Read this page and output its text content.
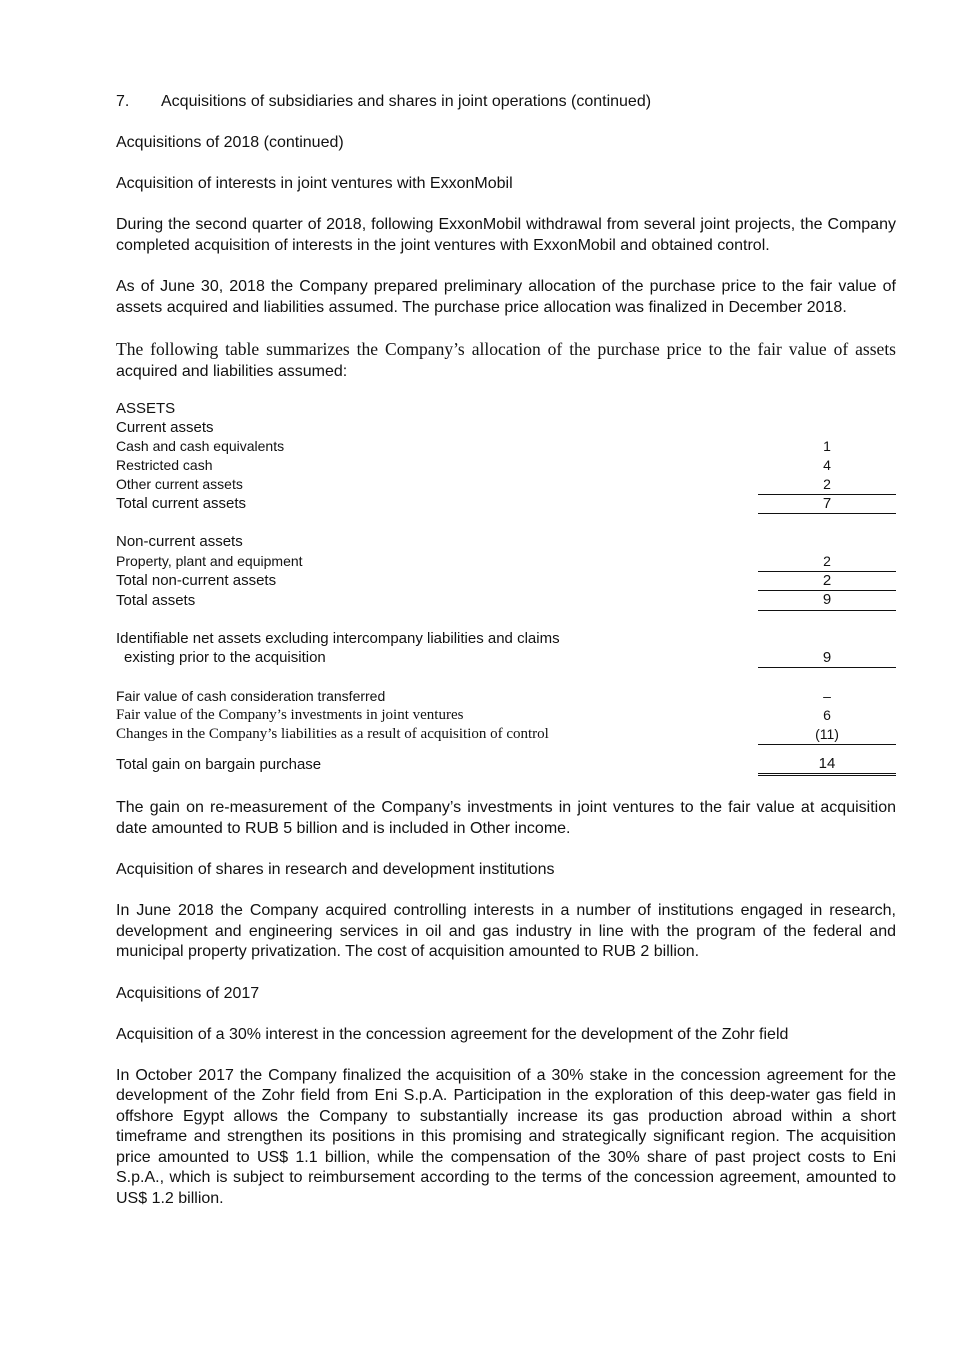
7.	Acquisitions of subsidiaries and shares in joint operations (continued)
Acquisitions of 2018 (continued)
Acquisition of interests in joint ventures with ExxonMobil

During the second quarter of 2018, following ExxonMobil withdrawal from several joint projects, the Company completed acquisition of interests in the joint ventures with ExxonMobil and obtained control.

As of June 30, 2018 the Company prepared preliminary allocation of the purchase price to the fair value of assets acquired and liabilities assumed. The purchase price allocation was finalized in December 2018.

The following table summarizes the Company’s allocation of the purchase price to the fair value of assets acquired and liabilities assumed:

ASSETS	
Current assets	
Cash and cash equivalents	1
Restricted cash	4
Other current assets	2
Total current assets	7

Non-current assets	
Property, plant and equipment	2
Total non-current assets	2
Total assets	9

Identifiable net assets excluding intercompany liabilities and claims	
existing prior to the acquisition	9

Fair value of cash consideration transferred	–
Fair value of the Company’s investments in joint ventures	6
Changes in the Company’s liabilities as a result of acquisition of control	(11)

Total gain on bargain purchase	14

The gain on re-measurement of the Company’s investments in joint ventures to the fair value at acquisition date amounted to RUB 5 billion and is included in Other income.

Acquisition of shares in research and development institutions

In June 2018 the Company acquired controlling interests in a number of institutions engaged in research, development and engineering services in oil and gas industry in line with the program of the federal and municipal property privatization. The cost of acquisition amounted to RUB 2 billion.

Acquisitions of 2017
Acquisition of a 30% interest in the concession agreement for the development of the Zohr field

In October 2017 the Company finalized the acquisition of a 30% stake in the concession agreement for the development of the Zohr field from Eni S.p.A. Participation in the exploration of this deep-water gas field in offshore Egypt allows the Company to substantially increase its gas production abroad within a short timeframe and strengthen its positions in this promising and strategically significant region. The acquisition price amounted to US$ 1.1 billion, while the compensation of the 30% share of past project costs to Eni S.p.A., which is subject to reimbursement according to the terms of the concession agreement, amounted to US$ 1.2 billion.
